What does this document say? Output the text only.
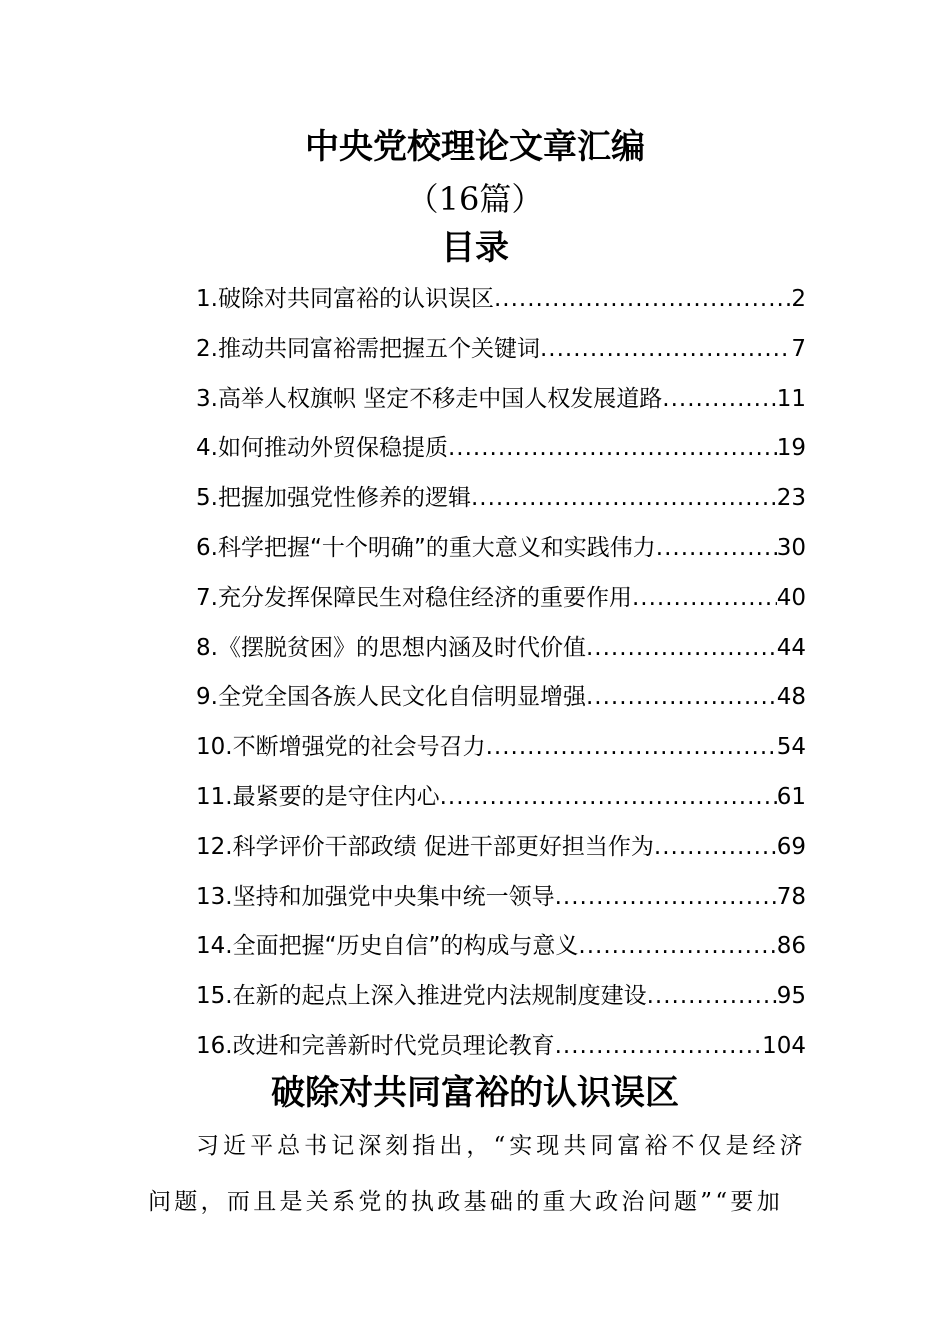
中央党校理论文章汇编
（16篇）
目录
1.破除对共同富裕的认识误区 .....	2
2.推动共同富裕需把握五个关键词 .....	7
3.高举人权旗帜 坚定不移走中国人权发展道路 .....	11
4.如何推动外贸保稳提质 .....	19
5.把握加强党性修养的逻辑 .....	23
6.科学把握“十个明确”的重大意义和实践伟力 .....	30
7.充分发挥保障民生对稳住经济的重要作用 .....	40
8.《摆脱贫困》的思想内涵及时代价值 .....	44
9.全党全国各族人民文化自信明显增强 .....	48
10.不断增强党的社会号召力 .....	54
11.最紧要的是守住内心 .....	61
12.科学评价干部政绩 促进干部更好担当作为 .....	69
13.坚持和加强党中央集中统一领导 .....	78
14.全面把握“历史自信”的构成与意义 .....	86
15.在新的起点上深入推进党内法规制度建设 .....	95
16.改进和完善新时代党员理论教育 .....	104
破除对共同富裕的认识误区

习近平总书记深刻指出，“实现共同富裕不仅是经济问题，而且是关系党的执政基础的重大政治问题”“要加
